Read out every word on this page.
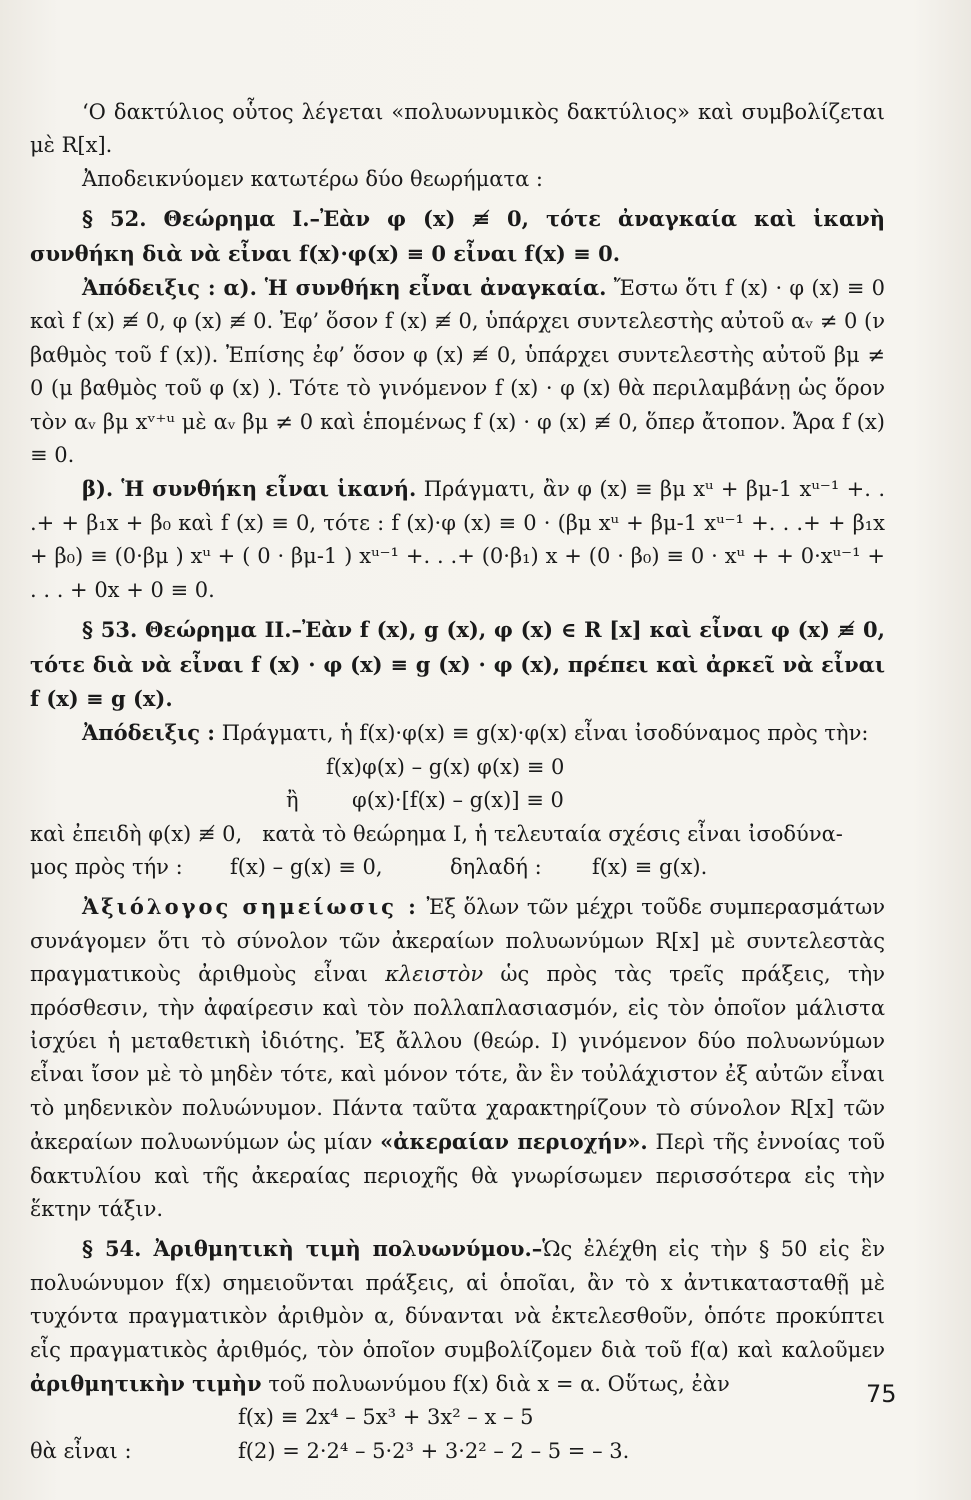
‘Ο δακτύλιος οὗτος λέγεται «πολυωνυμικὸς δακτύλιος» καὶ συμβολίζεται μὲ R[x].

Ἀποδεικνύομεν κατωτέρω δύο θεωρήματα :

§ 52. Θεώρημα I.–Ἐὰν φ (x) ≢ 0, τότε ἀναγκαία καὶ ἱκανὴ συνθήκη διὰ νὰ εἶναι f(x)·φ(x) ≡ 0 εἶναι f(x) ≡ 0.

Ἀπόδειξις : α). Ἡ συνθήκη εἶναι ἀναγκαία. Ἔστω ὅτι f (x) · φ (x) ≡ 0 καὶ f (x) ≢ 0, φ (x) ≢ 0. Ἐφ’ ὅσον f (x) ≢ 0, ὑπάρχει συντελεστὴς αὐτοῦ αᵥ ≠ 0 (ν βαθμὸς τοῦ f (x)). Ἐπίσης ἐφ’ ὅσον φ (x) ≢ 0, ὑπάρχει συντελεστὴς αὐτοῦ βμ ≠ 0 (μ βαθμὸς τοῦ φ (x) ). Τότε τὸ γινόμενον f (x) · φ (x) θὰ περιλαμβάνῃ ὡς ὅρον τὸν αᵥ βμ xᵛ⁺ᵘ μὲ αᵥ βμ ≠ 0 καὶ ἑπομένως f (x) · φ (x) ≢ 0, ὅπερ ἄτοπον. Ἄρα f (x) ≡ 0.

β). Ἡ συνθήκη εἶναι ἱκανή. Πράγματι, ἂν φ (x) ≡ βμ xᵘ + βμ-1 xᵘ⁻¹ +. . .+ + β₁x + β₀ καὶ f (x) ≡ 0, τότε : f (x)·φ (x) ≡ 0 · (βμ xᵘ + βμ-1 xᵘ⁻¹ +. . .+ + β₁x + β₀) ≡ (0·βμ ) xᵘ + ( 0 · βμ-1 ) xᵘ⁻¹ +. . .+ (0·β₁) x + (0 · β₀) ≡ 0 · xᵘ + + 0·xᵘ⁻¹ + . . . + 0x + 0 ≡ 0.

§ 53. Θεώρημα II.–Ἐὰν f (x), g (x), φ (x) ∈ R [x] καὶ εἶναι φ (x) ≢ 0, τότε διὰ νὰ εἶναι f (x) · φ (x) ≡ g (x) · φ (x), πρέπει καὶ ἀρκεῖ νὰ εἶναι f (x) ≡ g (x).

Ἀπόδειξις : Πράγματι, ἡ f(x)·φ(x) ≡ g(x)·φ(x) εἶναι ἰσοδύναμος πρὸς τὴν:

f(x)φ(x) – g(x) φ(x) ≡ 0
ἢ	φ(x)·[f(x) – g(x)] ≡ 0
καὶ ἐπειδὴ φ(x) ≢ 0,   κατὰ τὸ θεώρημα I, ἡ τελευταία σχέσις εἶναι ἰσοδύνα-
μος πρὸς τήν : f(x) – g(x) ≡ 0,	δηλαδή : f(x) ≡ g(x).

Ἀξιόλογος σημείωσις : Ἐξ ὅλων τῶν μέχρι τοῦδε συμπερασμάτων συνάγομεν ὅτι τὸ σύνολον τῶν ἀκεραίων πολυωνύμων R[x] μὲ συντελεστὰς πραγματικοὺς ἀριθμοὺς εἶναι κλειστὸν ὡς πρὸς τὰς τρεῖς πράξεις, τὴν πρόσθεσιν, τὴν ἀφαίρεσιν καὶ τὸν πολλαπλασιασμόν, εἰς τὸν ὁποῖον μάλιστα ἰσχύει ἡ μεταθετικὴ ἰδιότης. Ἐξ ἄλλου (θεώρ. I) γινόμενον δύο πολυωνύμων εἶναι ἴσον μὲ τὸ μηδὲν τότε, καὶ μόνον τότε, ἂν ἓν τοὐλάχιστον ἐξ αὐτῶν εἶναι τὸ μηδενικὸν πολυώνυμον. Πάντα ταῦτα χαρακτηρίζουν τὸ σύνολον R[x] τῶν ἀκεραίων πολυωνύμων ὡς μίαν «ἀκεραίαν περιοχήν». Περὶ τῆς ἐννοίας τοῦ δακτυλίου καὶ τῆς ἀκεραίας περιοχῆς θὰ γνωρίσωμεν περισσότερα εἰς τὴν ἕκτην τάξιν.

§ 54. Ἀριθμητικὴ τιμὴ πολυωνύμου.–Ὡς ἐλέχθη εἰς τὴν § 50 εἰς ἓν πολυώνυμον f(x) σημειοῦνται πράξεις, αἱ ὁποῖαι, ἂν τὸ x ἀντικατασταθῇ μὲ τυχόντα πραγματικὸν ἀριθμὸν α, δύνανται νὰ ἐκτελεσθοῦν, ὁπότε προκύπτει εἷς πραγματικὸς ἀριθμός, τὸν ὁποῖον συμβολίζομεν διὰ τοῦ f(α) καὶ καλοῦμεν ἀριθμητικὴν τιμὴν τοῦ πολυωνύμου f(x) διὰ x = α. Οὕτως, ἐὰν

f(x) ≡ 2x⁴ – 5x³ + 3x² – x – 5
θὰ εἶναι :	f(2) = 2·2⁴ – 5·2³ + 3·2² – 2 – 5 = – 3.
75
